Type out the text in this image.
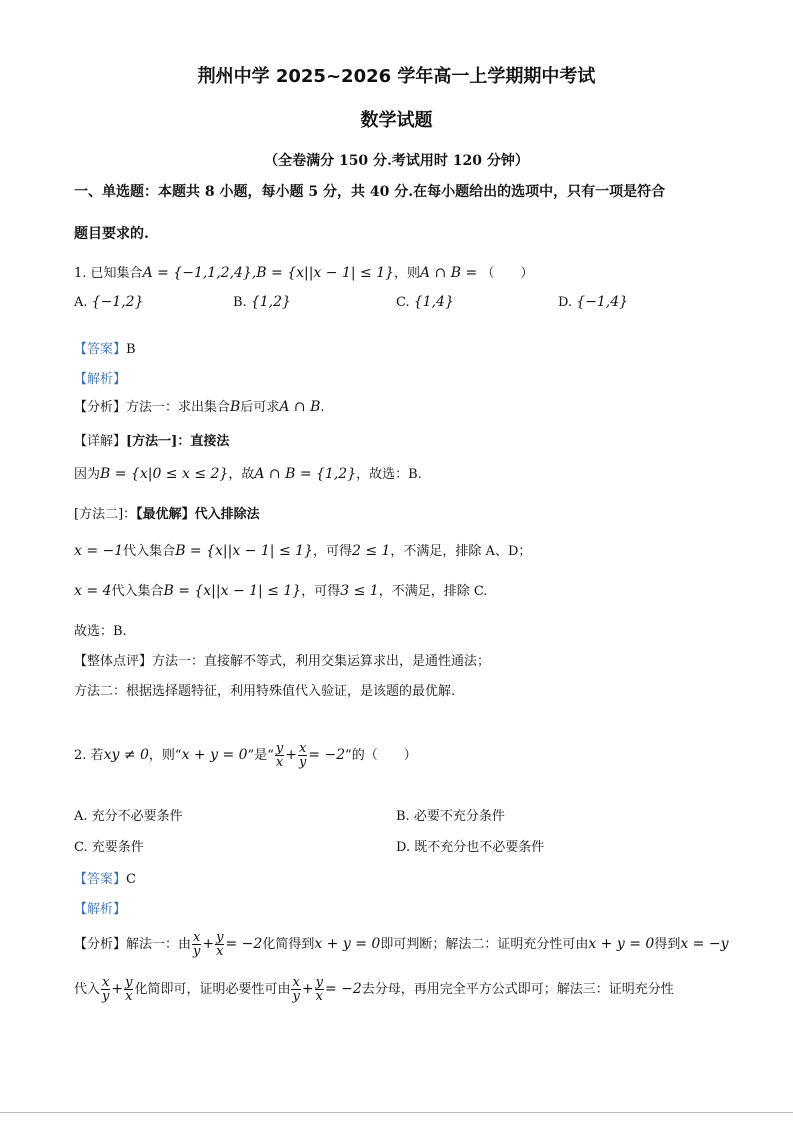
荆州中学 2025~2026 学年高一上学期期中考试
数学试题
（全卷满分 150 分.考试用时 120 分钟）
一、单选题：本题共 8 小题，每小题 5 分，共 40 分.在每小题给出的选项中，只有一项是符合
题目要求的.
1. 已知集合A = {−1,1,2,4},B = {x||x − 1| ≤ 1}，则A ∩ B = （　　）
A. {−1,2}	B. {1,2}	C. {1,4}	D. {−1,4}
【答案】B
【解析】
【分析】方法一：求出集合B后可求A ∩ B.
【详解】[方法一]：直接法
因为B = {x|0 ≤ x ≤ 2}，故A ∩ B = {1,2}，故选：B.
[方法二]：【最优解】代入排除法
x = −1代入集合B = {x||x − 1| ≤ 1}，可得2 ≤ 1，不满足，排除 A、D；
x = 4代入集合B = {x||x − 1| ≤ 1}，可得3 ≤ 1，不满足，排除 C.
故选：B.
【整体点评】方法一：直接解不等式，利用交集运算求出，是通性通法；
方法二：根据选择题特征，利用特殊值代入验证，是该题的最优解.
2. 若xy ≠ 0，则“x + y = 0”是“ $\frac{y}{x} + \frac{x}{y} = -2$”的（　　）
A. 充分不必要条件	B. 必要不充分条件
C. 充要条件	D. 既不充分也不必要条件
【答案】C
【解析】
【分析】解法一：由 $\frac{x}{y} + \frac{y}{x} = -2$化简得到x + y = 0即可判断；解法二：证明充分性可由x + y = 0得到x = −y
代入 $\frac{x}{y} + \frac{y}{x}$ 化简即可，证明必要性可由 $\frac{x}{y} + \frac{y}{x} = -2$去分母，再用完全平方公式即可；解法三：证明充分性
